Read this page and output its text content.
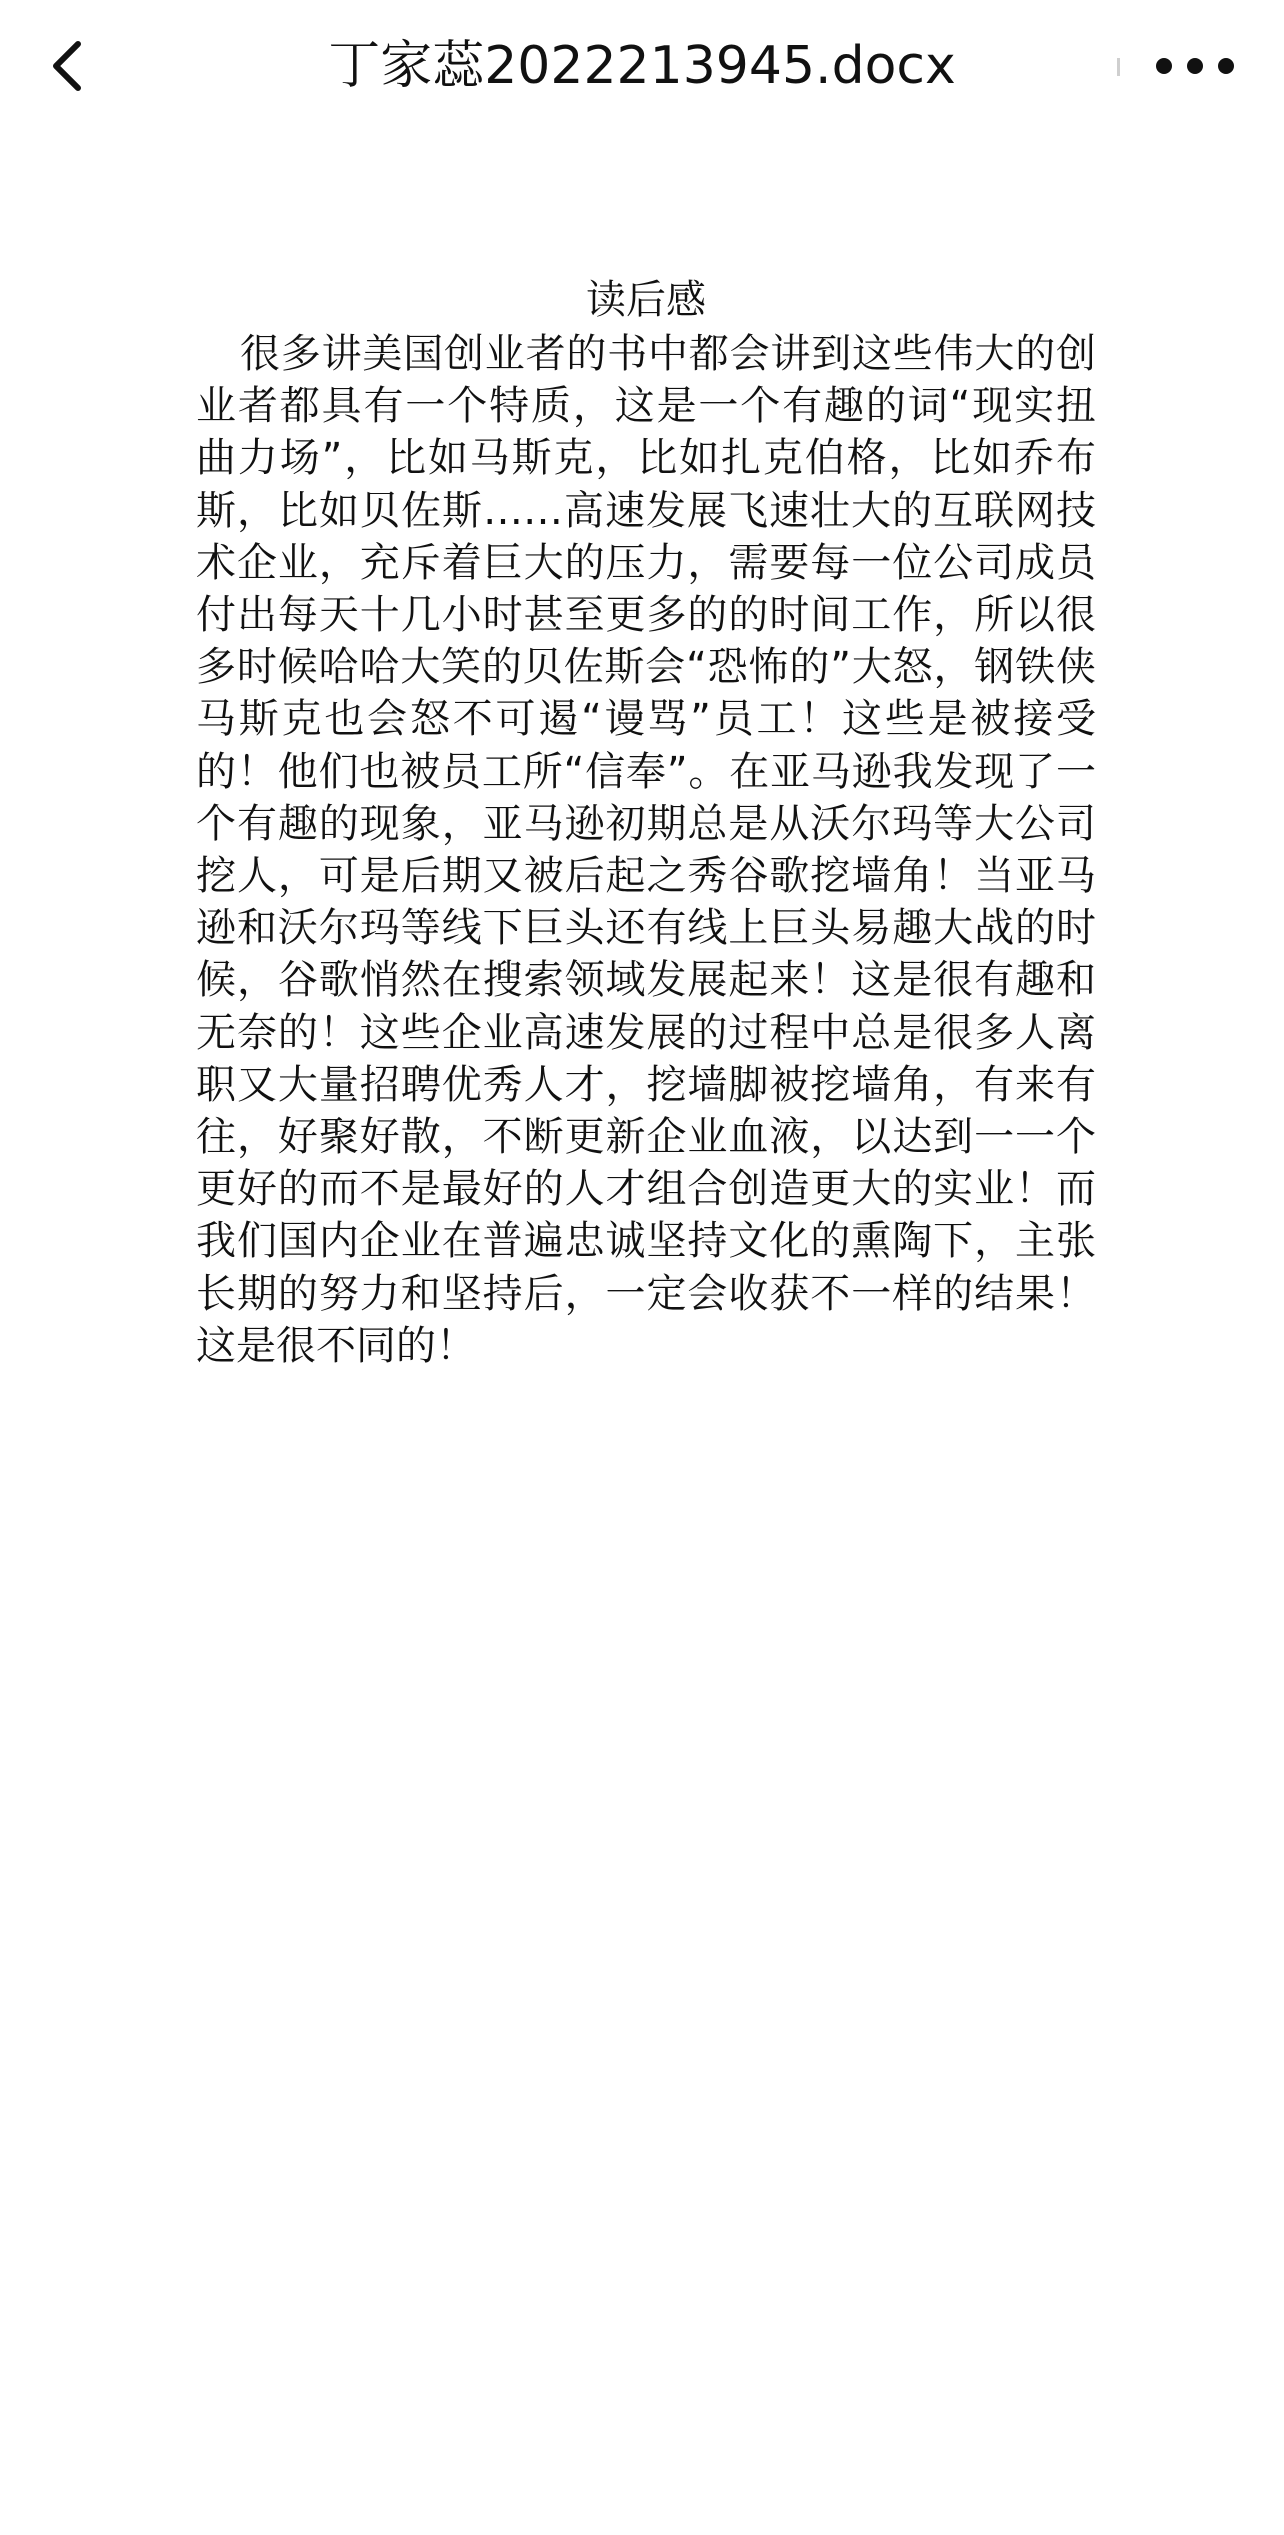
丁家蕊2022213945.docx
读后感

很多讲美国创业者的书中都会讲到这些伟大的创业者都具有一个特质，这是一个有趣的词“现实扭曲力场”，比如马斯克，比如扎克伯格，比如乔布斯，比如贝佐斯……高速发展飞速壮大的互联网技术企业，充斥着巨大的压力，需要每一位公司成员付出每天十几小时甚至更多的的时间工作，所以很多时候哈哈大笑的贝佐斯会“恐怖的”大怒，钢铁侠马斯克也会怒不可遏“谩骂”员工！这些是被接受的！他们也被员工所“信奉”。在亚马逊我发现了一个有趣的现象，亚马逊初期总是从沃尔玛等大公司挖人，可是后期又被后起之秀谷歌挖墙角！当亚马逊和沃尔玛等线下巨头还有线上巨头易趣大战的时候，谷歌悄然在搜索领域发展起来！这是很有趣和无奈的！这些企业高速发展的过程中总是很多人离职又大量招聘优秀人才，挖墙脚被挖墙角，有来有往，好聚好散，不断更新企业血液，以达到一一个更好的而不是最好的人才组合创造更大的实业！而我们国内企业在普遍忠诚坚持文化的熏陶下，主张长期的努力和坚持后，一定会收获不一样的结果！这是很不同的！
